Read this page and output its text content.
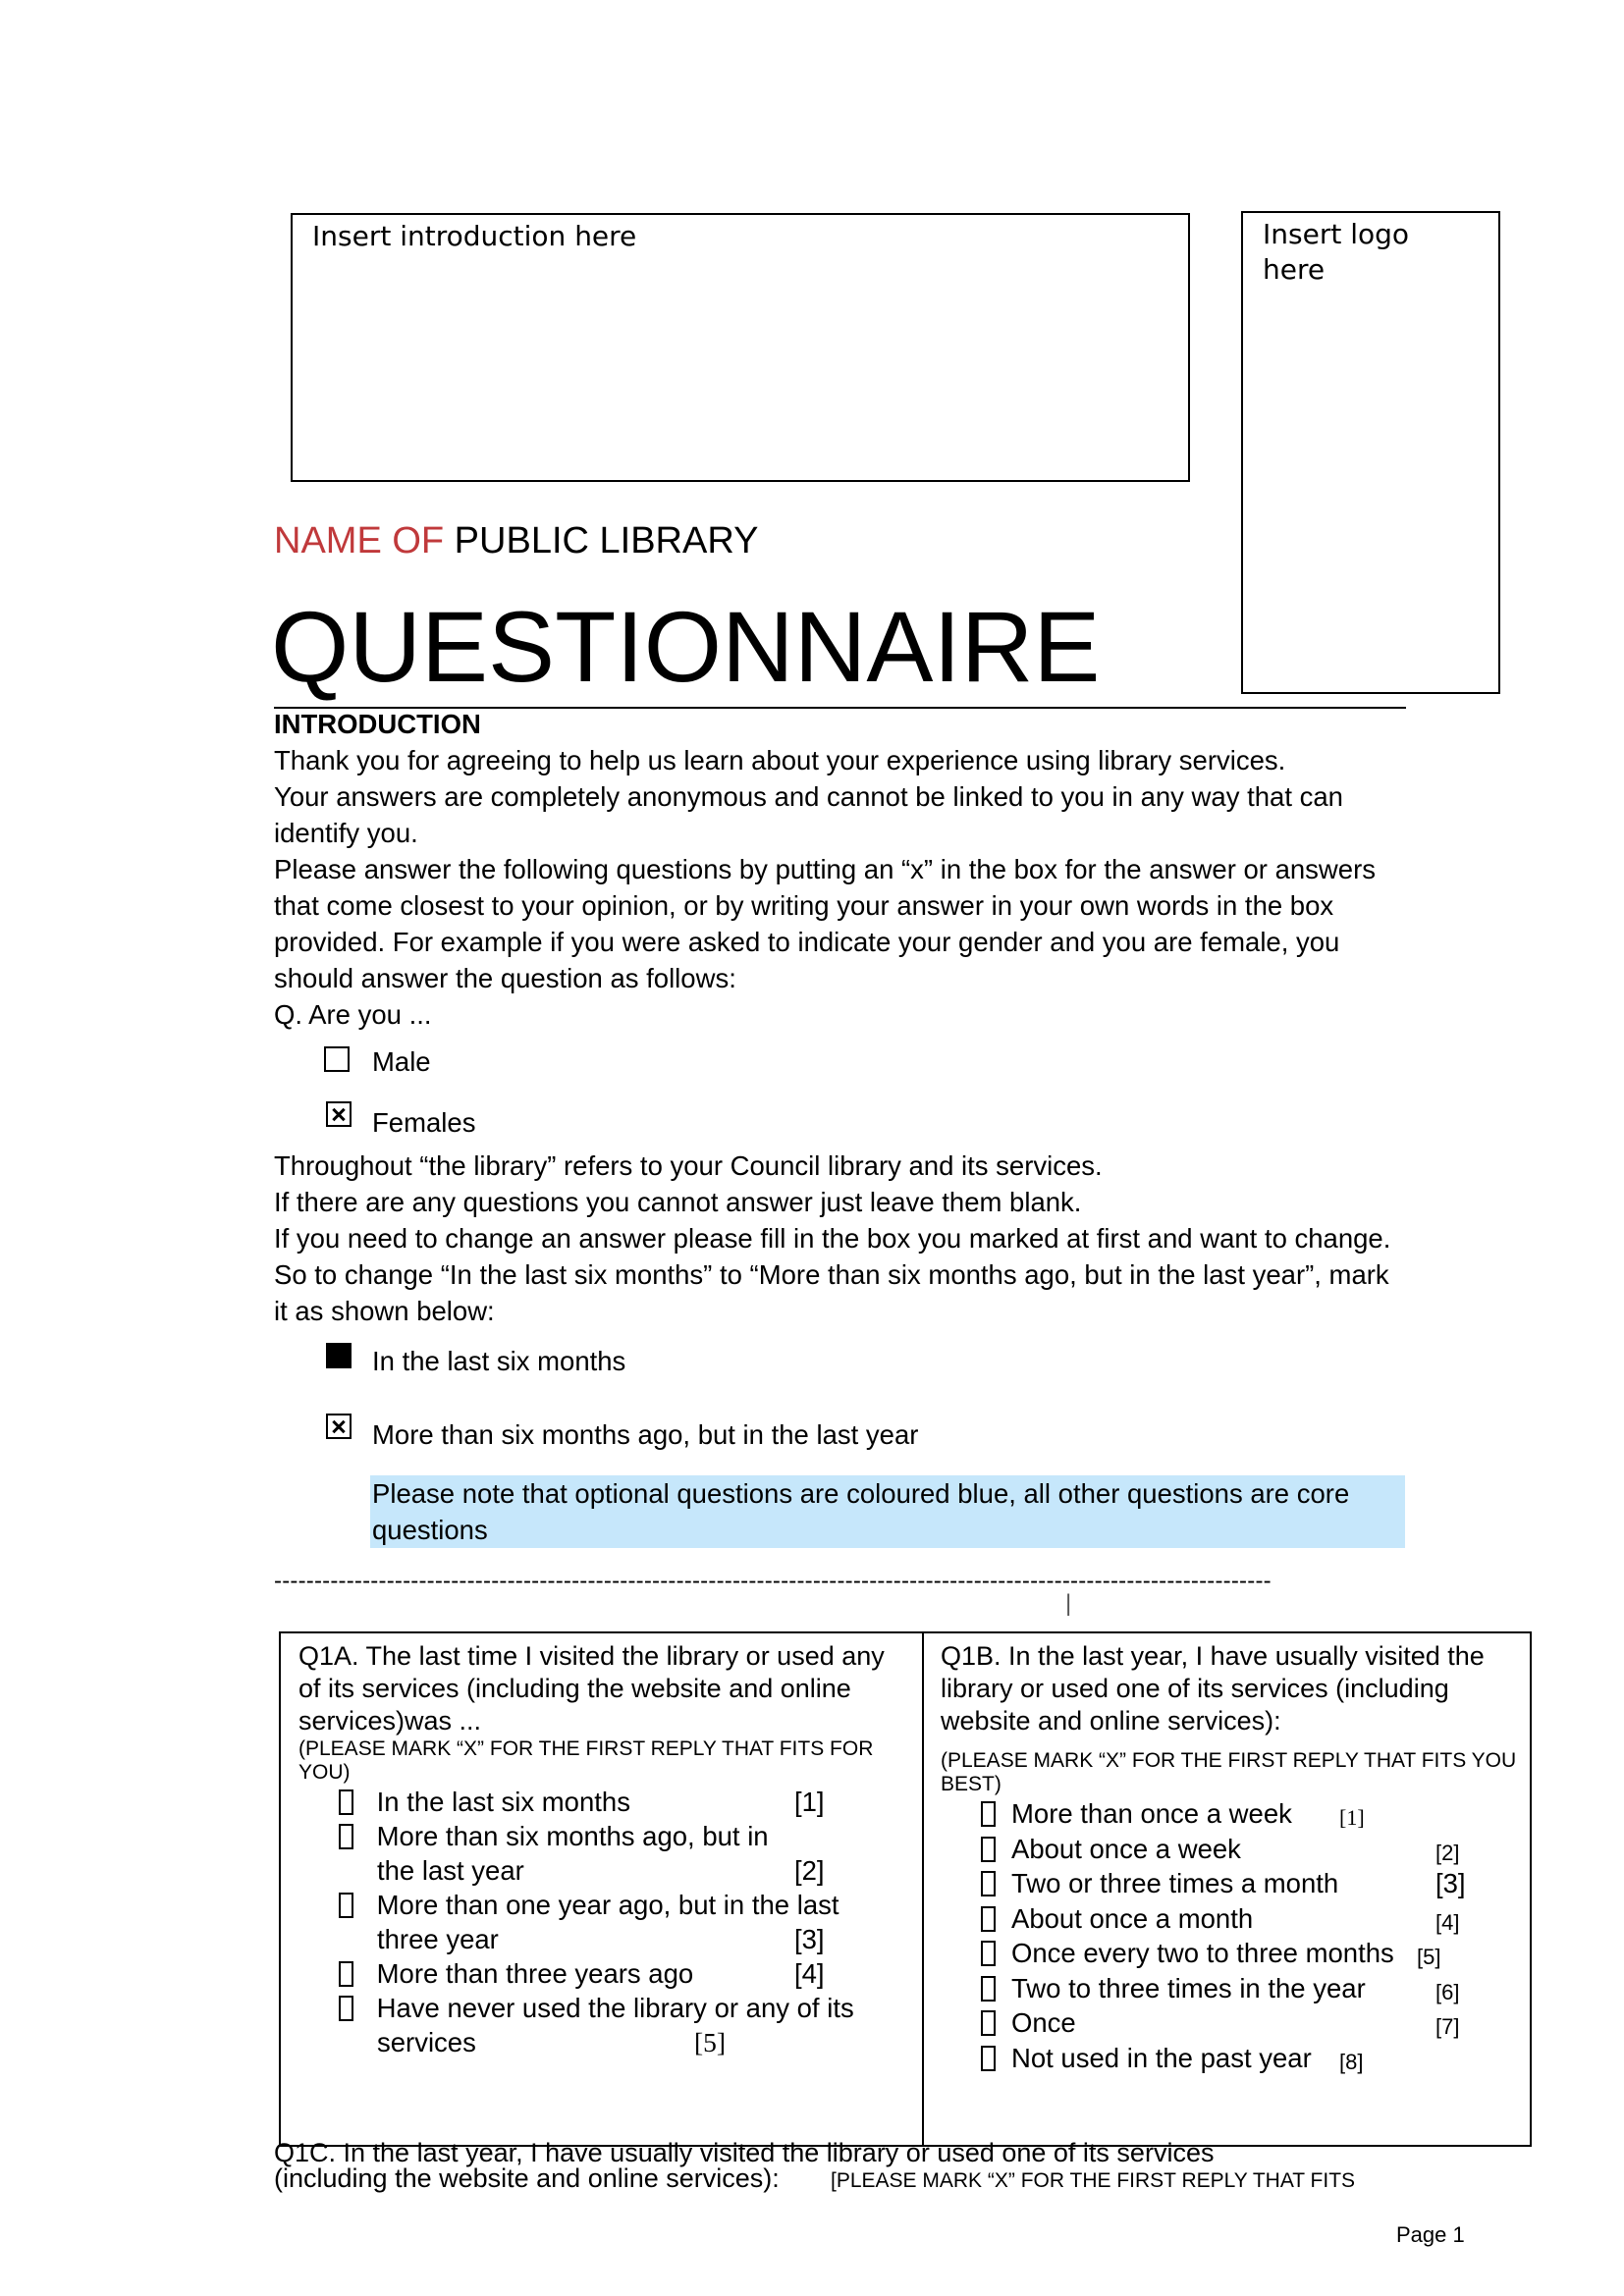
Insert introduction here	Insert logo here
NAME OF PUBLIC LIBRARY
QUESTIONNAIRE
INTRODUCTION
Thank you for agreeing to help us learn about your experience using library services.
Your answers are completely anonymous and cannot be linked to you in any way that can identify you.
Please answer the following questions by putting an “x” in the box for the answer or answers that come closest to your opinion, or by writing your answer in your own words in the box provided. For example if you were asked to indicate your gender and you are female, you should answer the question as follows:
Q. Are you ...
Male
Females
Throughout “the library” refers to your Council library and its services.
If there are any questions you cannot answer just leave them blank.
If you need to change an answer please fill in the box you marked at first and want to change. So to change “In the last six months” to “More than six months ago, but in the last year”, mark it as shown below:
In the last six months
More than six months ago, but in the last year
Please note that optional questions are coloured blue, all other questions are core questions
----------------------------------------------------------------------------------------------------------------------------
|
Q1A. The last time I visited the library or used any of its services (including the website and online services)was ...
(PLEASE MARK “X” FOR THE FIRST REPLY THAT FITS FOR YOU)
In the last six months	[1]
More than six months ago, but in
the last year	[2]
More than one year ago, but in the last
three year	[3]
More than three years ago	[4]
Have never used the library or any of its
services	[5]
Q1B. In the last year, I have usually visited the library or used one of its services (including website and online services):
(PLEASE MARK “X” FOR THE FIRST REPLY THAT FITS YOU BEST)
More than once a week [1]
About once a week	[2]
Two or three times a month	[3]
About once a month	[4]
Once every two to three months [5]
Two to three times in the year	[6]
Once	[7]
Not used in the past year [8]
Q1C. In the last year, I have usually visited the library or used one of its services
(including the website and online services): [PLEASE MARK “X” FOR THE FIRST REPLY THAT FITS
Page 1
